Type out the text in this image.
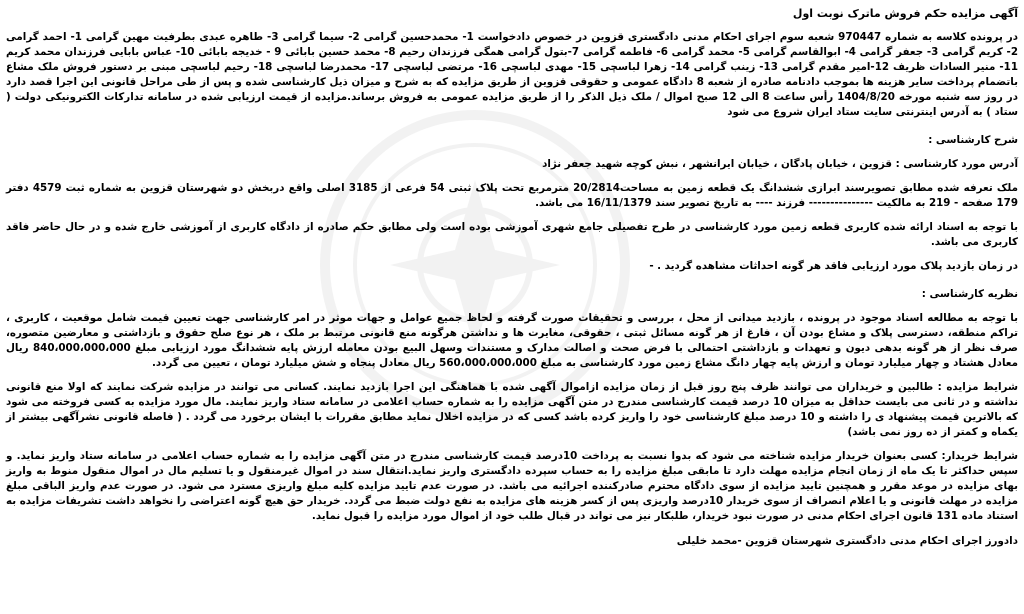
آگهی مزایده حکم فروش ماترک نوبت اول

در پرونده کلاسه به شماره 970447 شعبه سوم اجرای احکام مدنی دادگستری قزوین در خصوص دادخواست 1- محمدحسین گرامی 2- سیما گرامی 3- طاهره عبدی بطرفیت مهین گرامی 1- احمد گرامی 2- کریم گرامی 3- جعفر گرامی 4- ابوالقاسم گرامی 5- محمد گرامی 6- فاطمه گرامی 7-بتول گرامی همگی فرزندان رحیم 8- محمد حسین بابائی 9 - خدیجه بابائی 10- عباس بابایی فرزندان محمد کریم 11- منیر السادات ظریف 12-امیر مقدم گرامی 13- زینب گرامی 14- زهرا لباسچی 15- مهدی لباسچی 16- مرتضی لباسچی 17- محمدرضا لباسچی 18- رحیم لباسچی مبنی بر دستور فروش ملک مشاع باتضمام پرداخت سایر هزینه ها بموجب دادنامه صادره از شعبه 8 دادگاه عمومی و حقوقی قزوین از طریق مزایده که به شرح و میزان ذیل کارشناسی شده و پس از طی مراحل قانونی این اجرا قصد دارد در روز سه شنبه مورخه 1404/8/20 رأس ساعت 8 الی 12 صبح اموال / ملک ذیل الذکر را از طریق مزایده عمومی به فروش برساند.مزایده از قیمت ارزیابی شده در سامانه تدارکات الکترونیکی دولت ( ستاد ) به آدرس اینترنتی سایت ستاد ایران شروع می شود

شرح کارشناسی :

آدرس مورد کارشناسی : قزوین ، خیابان پادگان ، خیابان ایرانشهر ، نبش کوچه شهید جعفر نژاد

ملک تعرفه شده مطابق تصویرسند ابرازی ششدانگ یک قطعه زمین به مساحت20/2814 مترمربع تحت پلاک ثبتی 54 فرعی از 3185 اصلی واقع دربخش دو شهرستان قزوین به شماره ثبت 4579 دفتر 179 صفحه - 219 به مالکیت --------------- فرزند ---- به تاریخ تصویر سند 16/11/1379 می باشد.

با توجه به اسناد ارائه شده کاربری قطعه زمین مورد کارشناسی در طرح تفصیلی جامع شهری آموزشی بوده است ولی مطابق حکم صادره از دادگاه کاربری از آموزشی خارج شده و در حال حاضر فاقد کاربری می باشد.

در زمان بازدید پلاک مورد ارزیابی فاقد هر گونه احداثات مشاهده گردید . -

نظریه کارشناسی :

با توجه به مطالعه اسناد موجود در پرونده ، بازدید میدانی از محل ، بررسی و تحقیقات صورت گرفته و لحاظ جمیع عوامل و جهات موثر در امر کارشناسی جهت تعیین قیمت شامل موقعیت ، کاربری ، تراکم منطقه، دسترسی پلاک و مشاع بودن آن ، فارغ از هر گونه مسائل ثبتی ، حقوقی، مغایرت ها و نداشتن هرگونه منع قانونی مرتبط بر ملک ، هر نوع صلح حقوق و بازداشتی و معارضین متصوره، صرف نظر از هر گونه بدهی دیون و تعهدات و بازداشتی احتمالی با فرض صحت و اصالت مدارک و مستندات وسهل البیع بودن معامله ارزش پایه ششدانگ مورد ارزیابی مبلغ 840،000،000،000 ریال معادل هشتاد و چهار میلیارد تومان و ارزش پایه چهار دانگ مشاع زمین مورد کارشناسی به مبلغ 560،000،000،000 ریال معادل پنجاه و شش میلیارد تومان ، تعیین می گردد.

شرایط مزایده : طالبین و خریداران می توانند ظرف پنج روز قبل از زمان مزایده ازاموال آگهی شده با هماهنگی این اجرا بازدید نمایند. کسانی می توانند در مزایده شرکت نمایند که اولا منع قانونی نداشته و در ثانی می بایست حداقل به میزان 10 درصد قیمت کارشناسی مندرج در متن آگهی مزایده را به شماره حساب اعلامی در سامانه ستاد واریز نمایند. مال مورد مزایده به کسی فروخته می شود که بالاترین قیمت پیشنهاد ی را داشته و 10 درصد مبلغ کارشناسی خود را واریز کرده باشد کسی که در مزایده اخلال نماید مطابق مقررات با ایشان برخورد می گردد . ( فاصله قانونی نشرآگهی بیشتر از یکماه و کمتر از ده روز نمی باشد)

شرایط خریدار: کسی بعنوان خریدار مزایده شناخته می شود که بدوا نسبت به پرداخت 10درصد قیمت کارشناسی مندرج در متن آگهی مزایده را به شماره حساب اعلامی در سامانه ستاد واریز نماید. و سپس حداکثر تا یک ماه از زمان انجام مزایده مهلت دارد تا مابقی مبلغ مزایده را به حساب سپرده دادگستری واریز نماید.انتقال سند در اموال غیرمنقول و یا تسلیم مال در اموال منقول منوط به واریز بهای مزایده در موعد مقرر و همچنین تایید مزایده از سوی دادگاه محترم صادرکننده اجرائیه می باشد. در صورت عدم تایید مزایده کلیه مبلغ واریزی مسترد می شود. در صورت عدم واریز الباقی مبلغ مزایده در مهلت قانونی و یا اعلام انصراف از سوی خریدار 10درصد واریزی پس از کسر هزینه های مزایده به نفع دولت ضبط می گردد. خریدار حق هیچ گونه اعتراضی را نخواهد داشت تشریفات مزایده به استناد ماده 131 قانون اجرای احکام مدنی در صورت نبود خریدار، طلبکار نیز می تواند در قبال طلب خود از اموال مورد مزایده را قبول نماید.

دادورز اجرای احکام مدنی دادگستری شهرستان قزوین -محمد خلیلی
